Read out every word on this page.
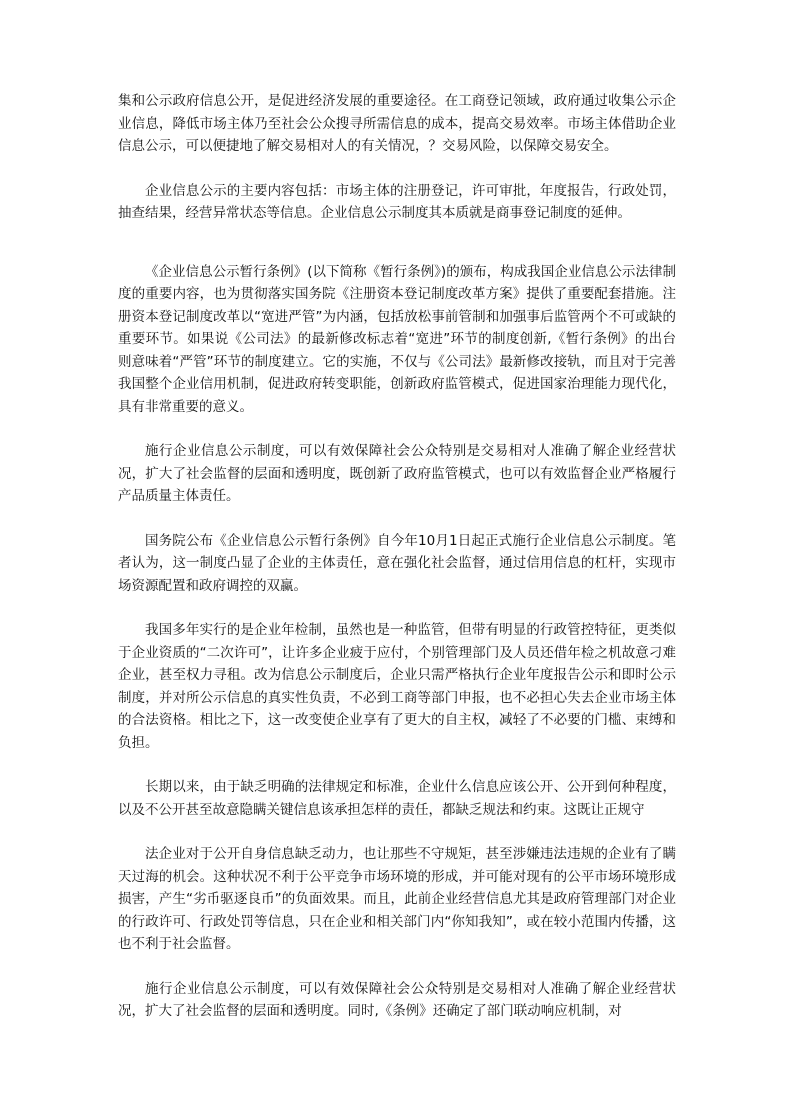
集和公示政府信息公开，是促进经济发展的重要途径。在工商登记领域，政府通过收集公示企业信息，降低市场主体乃至社会公众搜寻所需信息的成本，提高交易效率。市场主体借助企业信息公示，可以便捷地了解交易相对人的有关情况，？交易风险，以保障交易安全。

企业信息公示的主要内容包括：市场主体的注册登记，许可审批，年度报告，行政处罚，抽查结果，经营异常状态等信息。企业信息公示制度其本质就是商事登记制度的延伸。

《企业信息公示暂行条例》(以下简称《暂行条例》)的颁布，构成我国企业信息公示法律制度的重要内容，也为贯彻落实国务院《注册资本登记制度改革方案》提供了重要配套措施。注册资本登记制度改革以“宽进严管”为内涵，包括放松事前管制和加强事后监管两个不可或缺的重要环节。如果说《公司法》的最新修改标志着“宽进”环节的制度创新,《暂行条例》的出台则意味着“严管”环节的制度建立。它的实施，不仅与《公司法》最新修改接轨，而且对于完善我国整个企业信用机制，促进政府转变职能，创新政府监管模式，促进国家治理能力现代化，具有非常重要的意义。

施行企业信息公示制度，可以有效保障社会公众特别是交易相对人准确了解企业经营状况，扩大了社会监督的层面和透明度，既创新了政府监管模式，也可以有效监督企业严格履行产品质量主体责任。

国务院公布《企业信息公示暂行条例》自今年10月1日起正式施行企业信息公示制度。笔者认为，这一制度凸显了企业的主体责任，意在强化社会监督，通过信用信息的杠杆，实现市场资源配置和政府调控的双赢。

我国多年实行的是企业年检制，虽然也是一种监管，但带有明显的行政管控特征，更类似于企业资质的“二次许可”，让许多企业疲于应付，个别管理部门及人员还借年检之机故意刁难企业，甚至权力寻租。改为信息公示制度后，企业只需严格执行企业年度报告公示和即时公示制度，并对所公示信息的真实性负责，不必到工商等部门申报，也不必担心失去企业市场主体的合法资格。相比之下，这一改变使企业享有了更大的自主权，减轻了不必要的门槛、束缚和负担。

长期以来，由于缺乏明确的法律规定和标准，企业什么信息应该公开、公开到何种程度，以及不公开甚至故意隐瞒关键信息该承担怎样的责任，都缺乏规法和约束。这既让正规守

法企业对于公开自身信息缺乏动力，也让那些不守规矩，甚至涉嫌违法违规的企业有了瞒天过海的机会。这种状况不利于公平竞争市场环境的形成，并可能对现有的公平市场环境形成损害，产生“劣币驱逐良币”的负面效果。而且，此前企业经营信息尤其是政府管理部门对企业的行政许可、行政处罚等信息，只在企业和相关部门内“你知我知”，或在较小范围内传播，这也不利于社会监督。

施行企业信息公示制度，可以有效保障社会公众特别是交易相对人准确了解企业经营状况，扩大了社会监督的层面和透明度。同时,《条例》还确定了部门联动响应机制，对
